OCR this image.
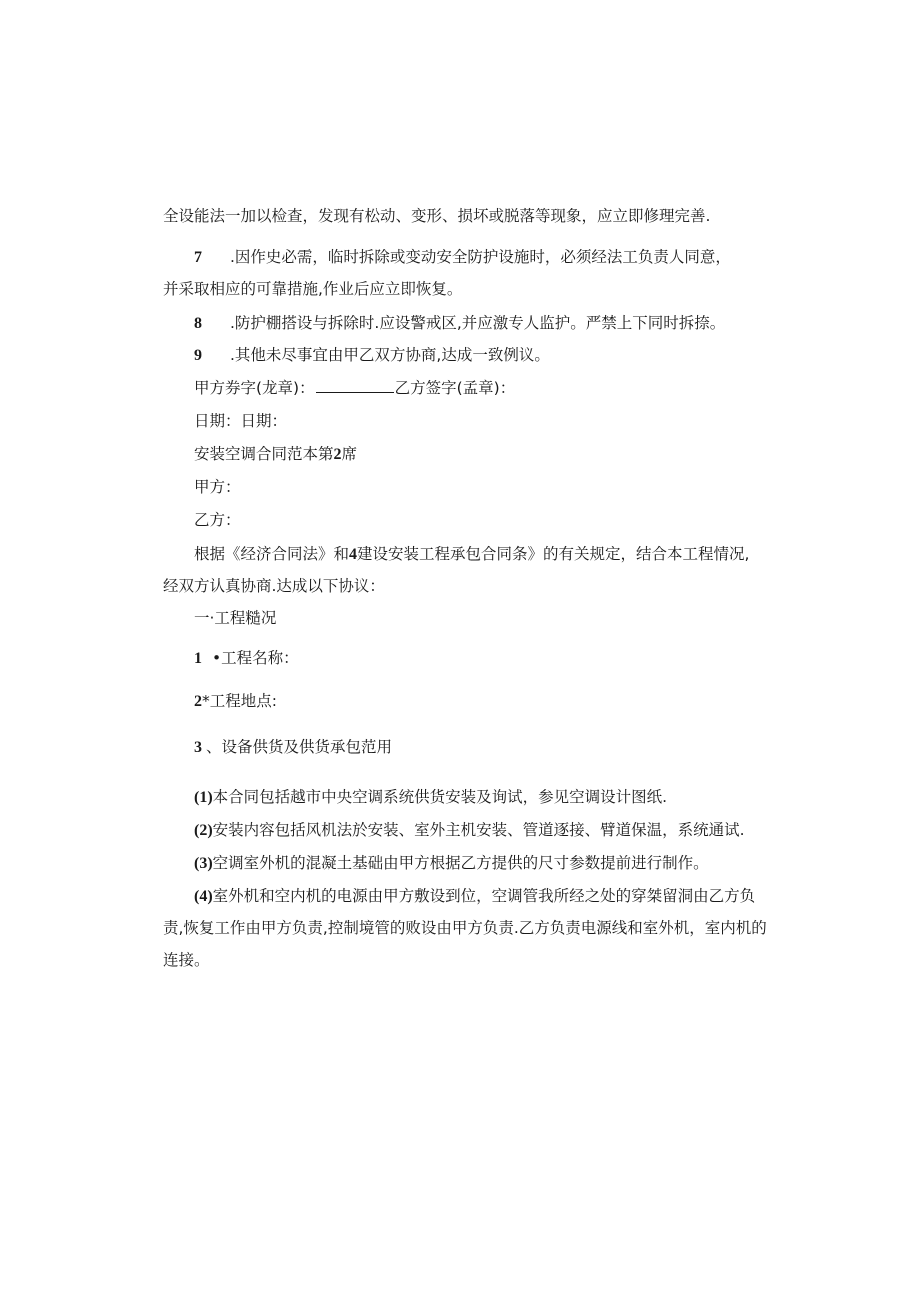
全设能法一加以检查，发现有松动、变形、损坏或脱落等现象，应立即修理完善.
7 .因作史必需，临时拆除或变动安全防护设施时，必须经法工负责人同意，
并采取相应的可靠措施,作业后应立即恢复。
8 .防护棚搭设与拆除时.应设警戒区,并应激专人监护。严禁上下同时拆捺。
9 .其他未尽事宜由甲乙双方协商,达成一致例议。
甲方券字(龙章)：	乙方签字(孟章)：
日期：日期：
安装空调合同范本第2席
甲方：
乙方：
根据《经济合同法》和4建设安装工程承包合同条》的有关规定，结合本工程情况,
经双方认真协商.达成以下协议：
一·工程糙况
1 •工程名称：
2*工程地点:
3 、设备供货及供货承包范用
(1)本合同包括越市中央空调系统供货安装及询试，参见空调设计图纸.
(2)安装内容包括风机法於安装、室外主机安装、管道逐接、臂道保温，系统通试.
(3)空调室外机的混凝土基础由甲方根据乙方提供的尺寸参数提前进行制作。
(4)室外机和空内机的电源由甲方敷设到位，空调管我所经之处的穿桀留洞由乙方负
责,恢复工作由甲方负责,控制境管的败设由甲方负责.乙方负责电源线和室外机，室内机的
连接。
